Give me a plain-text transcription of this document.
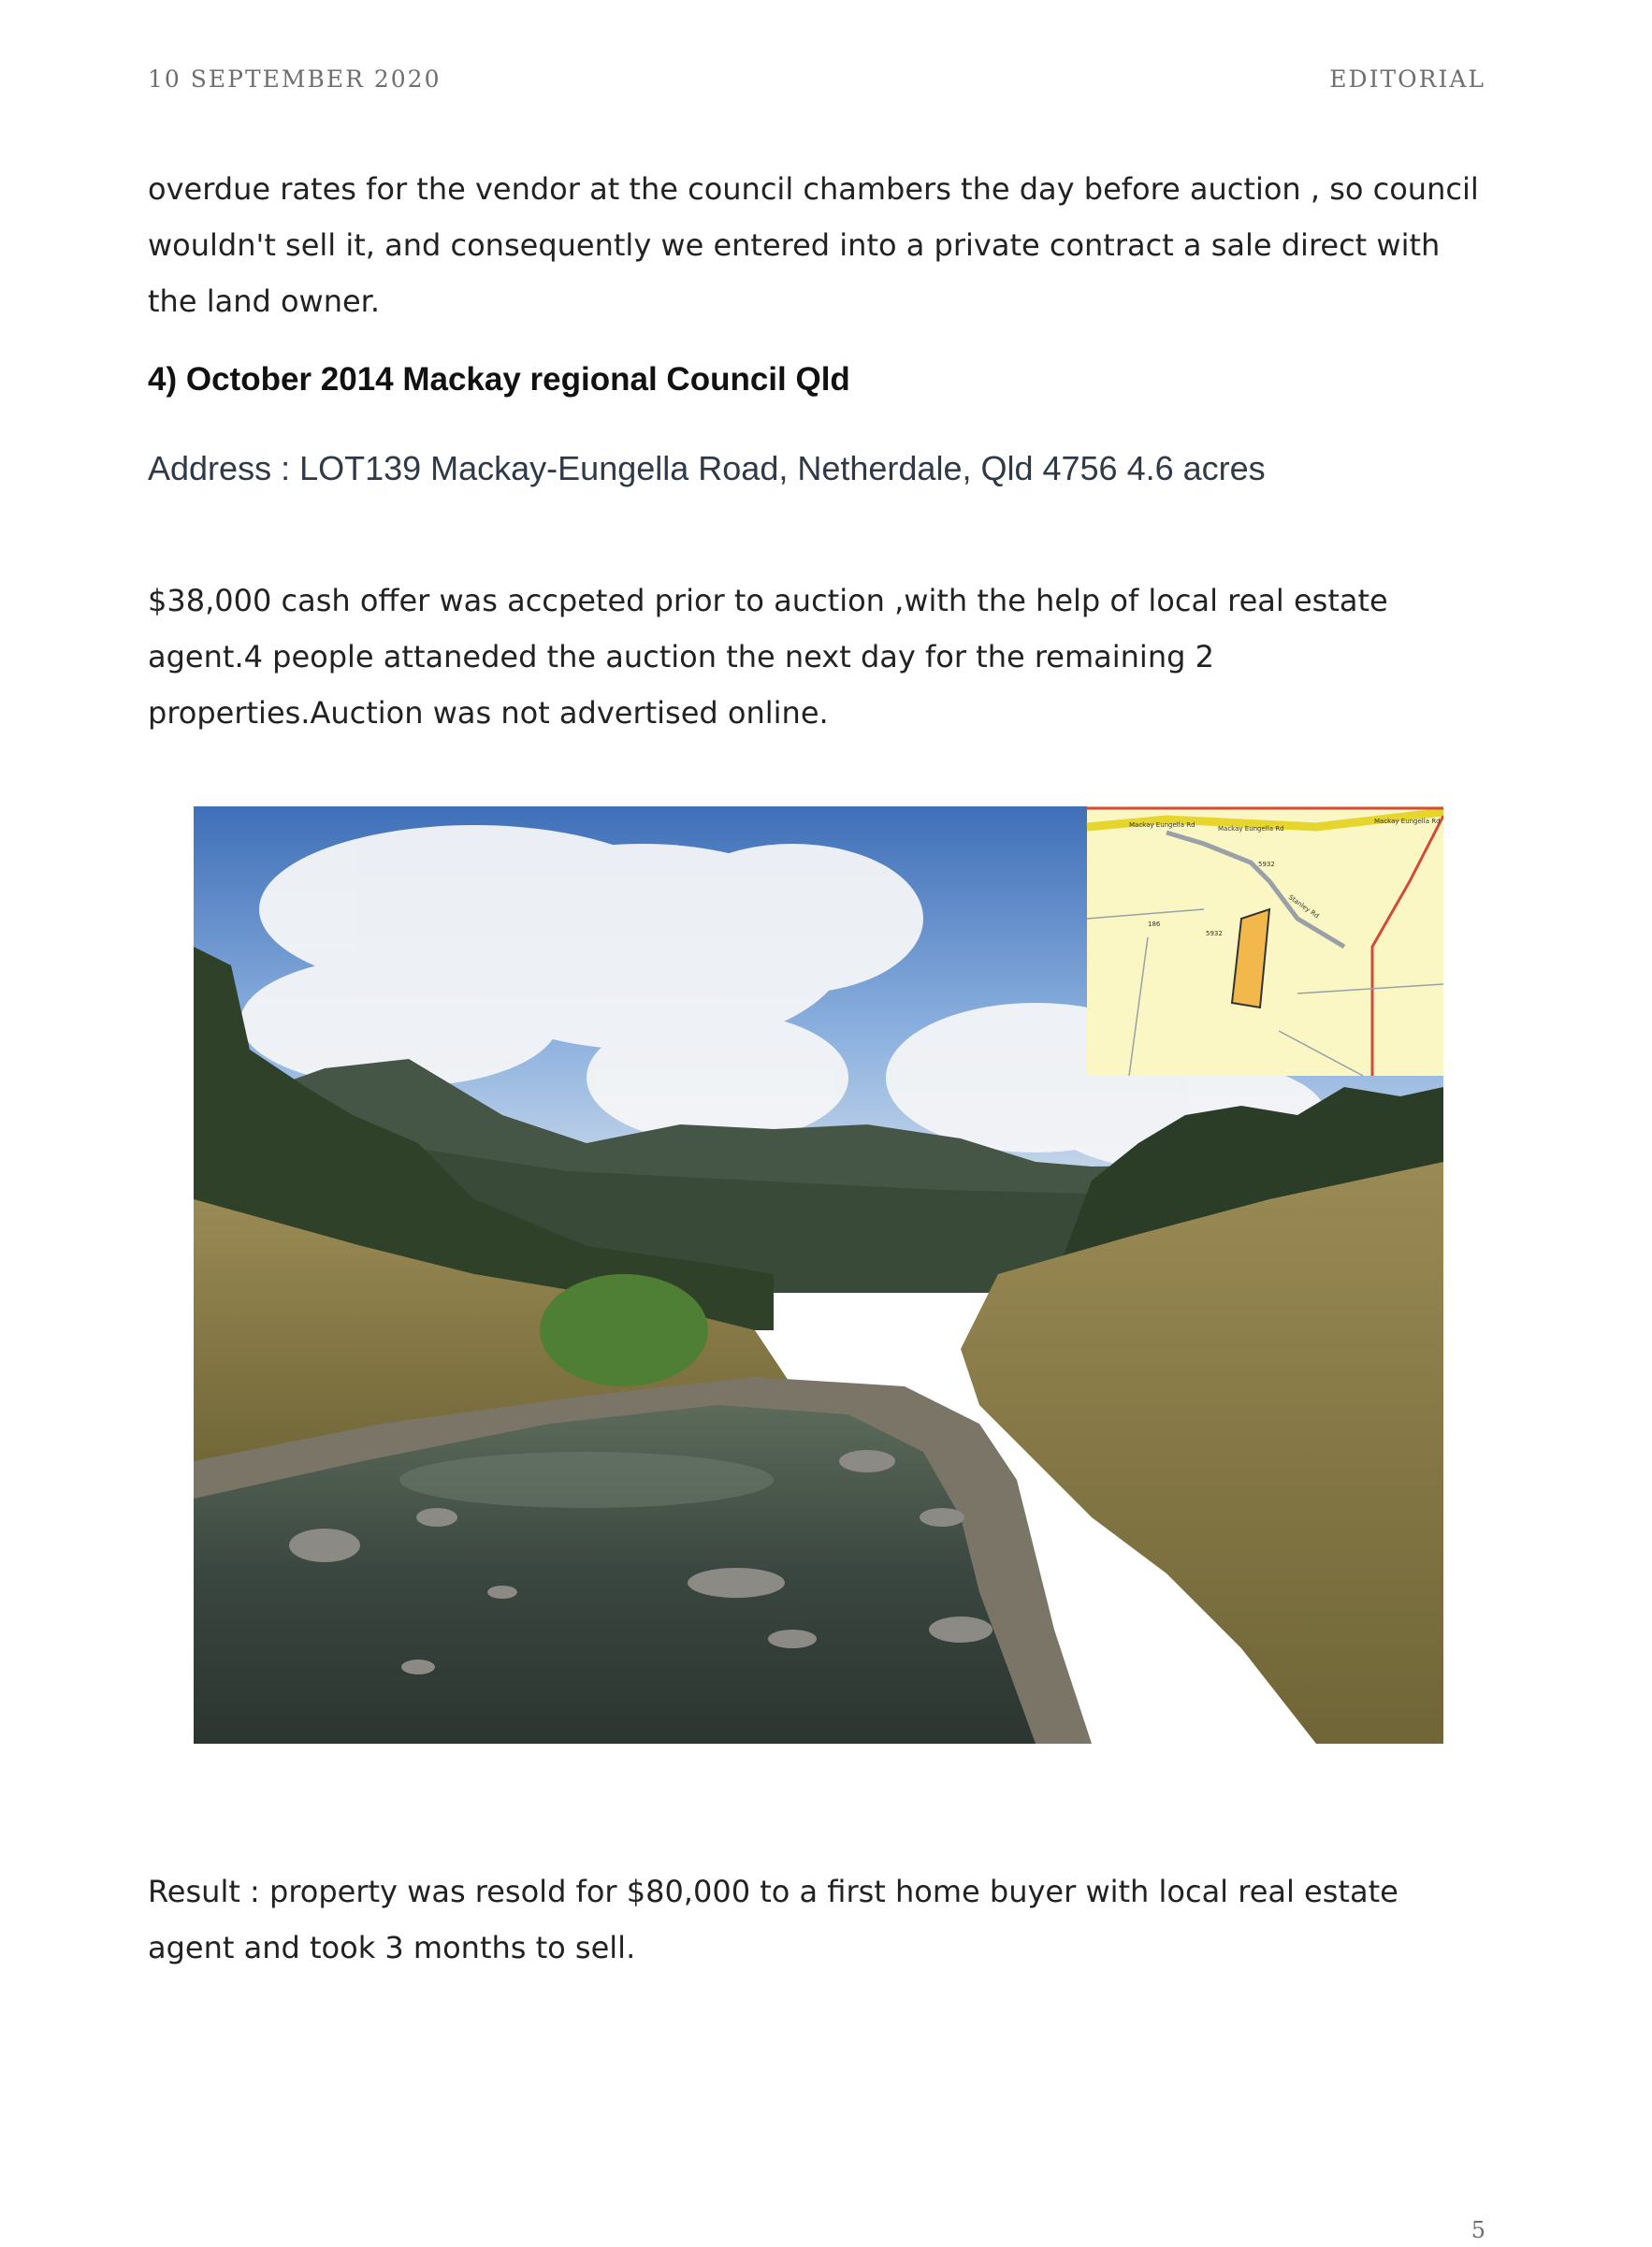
10 SEPTEMBER 2020	EDITORIAL
overdue rates for the vendor at the council chambers the day before auction , so council wouldn't sell it, and consequently we entered into a private contract a sale direct with the land owner.
4) October 2014 Mackay regional Council Qld
Address : LOT139 Mackay-Eungella Road, Netherdale, Qld 4756 4.6 acres
$38,000 cash offer was accpeted prior to auction ,with the help of local real estate agent.4 people attaneded the auction the next day for the remaining 2 properties.Auction was not advertised online.
Mackay Eungella Rd	Mackay Eungella Rd
Mackay Eungella Rd
5932
186
5932
Stanley Rd
Result : property was resold for $80,000 to a first home buyer with local real estate agent and took 3 months to sell.
5
